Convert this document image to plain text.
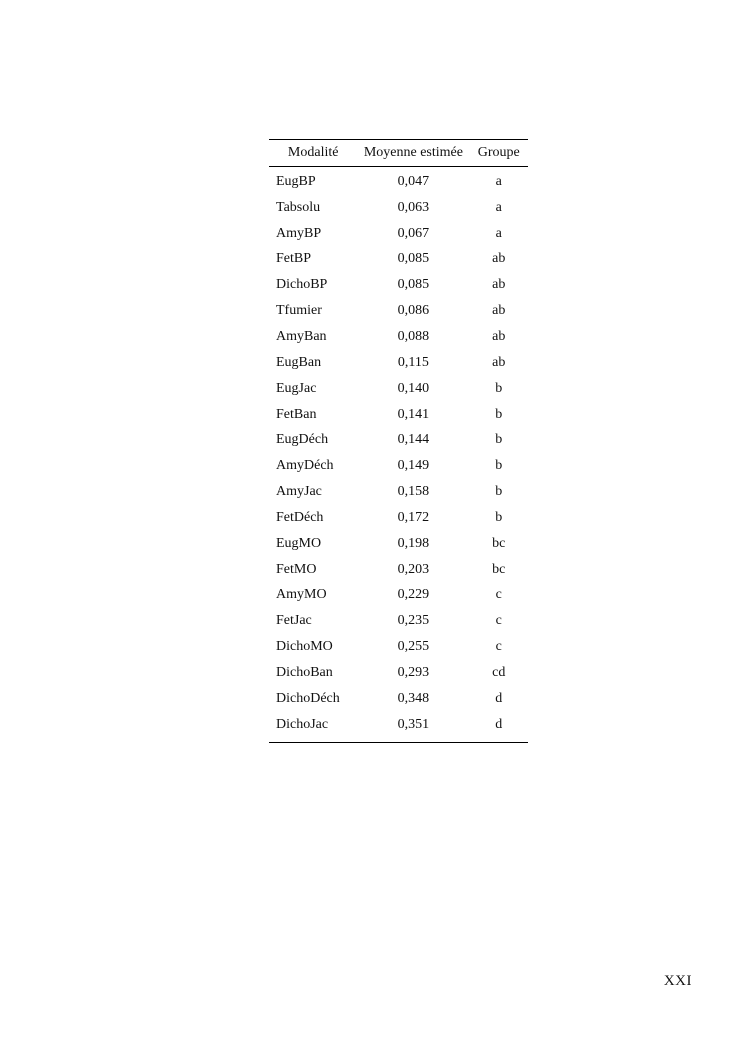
Modalité	Moyenne estimée	Groupe
EugBP	0,047	a
Tabsolu	0,063	a
AmyBP	0,067	a
FetBP	0,085	ab
DichoBP	0,085	ab
Tfumier	0,086	ab
AmyBan	0,088	ab
EugBan	0,115	ab
EugJac	0,140	b
FetBan	0,141	b
EugDéch	0,144	b
AmyDéch	0,149	b
AmyJac	0,158	b
FetDéch	0,172	b
EugMO	0,198	bc
FetMO	0,203	bc
AmyMO	0,229	c
FetJac	0,235	c
DichoMO	0,255	c
DichoBan	0,293	cd
DichoDéch	0,348	d
DichoJac	0,351	d
XXI
